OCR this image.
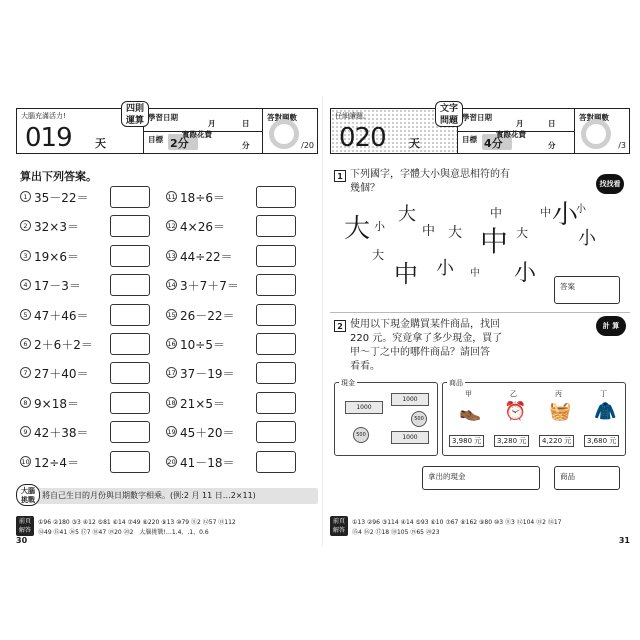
大腦充滿活力!
019 天
四則
運算 學習日期
月	日
目標 2分
實際花費
分
答對題數
/20
算出下列答案。
1 35－22＝
2 32×3＝
3 19×6＝
4 17－3＝
5 47＋46＝
6 2＋6＋2＝
7 27＋40＝
8 9×18＝
9 42＋38＝
10 12÷4＝
11 18÷6＝
12 4×26＝
13 44÷22＝
14 3＋7＋7＝
15 26－22＝
16 10÷5＝
17 37－19＝
18 21×5＝
19 45＋20＝
20 41－18＝
將自己生日的月份與日期數字相乘。(例:2 月 11 日…2×11)
大腦
挑戰
前頁
解答
①96 ②180 ③3 ④12 ⑤81 ⑥14 ⑦49 ⑧220 ⑨13 ⑩79 ⑪2 ⑫57 ⑬112
⑭49 ⑮41 ⑯5 ⑰7 ⑱47 ⑲20 ⑳2　大腦挑戰!…1.4、.1、0.6
30
仔細讀題。
020 天
文字
問題 學習日期
月	日
目標 4分
實際花費
分
答對題數
/3
1 下列國字，字體大小與意思相符的有
幾個？	找找看
大 小
大
中 大
中
中 大
中 小
小
小
大
中 小 中 小
答案
2 使用以下現金購買某件商品，找回
220 元。究竟拿了多少現金，買了
甲～丁之中的哪件商品？請回答
看看。
計 算
現金
1000
1000
1000
500
500
商品
甲
👞
3,980 元
乙
⏰
3,280 元
丙
🧺
4,220 元
丁
🧥
3,680 元
拿出的現金	商品
前頁
解答
①13 ②96 ③114 ④14 ⑤93 ⑥10 ⑦67 ⑧162 ⑨80 ⑩3 ⑪3 ⑫104 ⑬2 ⑭17
⑮4 ⑯2 ⑰18 ⑱105 ⑲65 ⑳23
31
